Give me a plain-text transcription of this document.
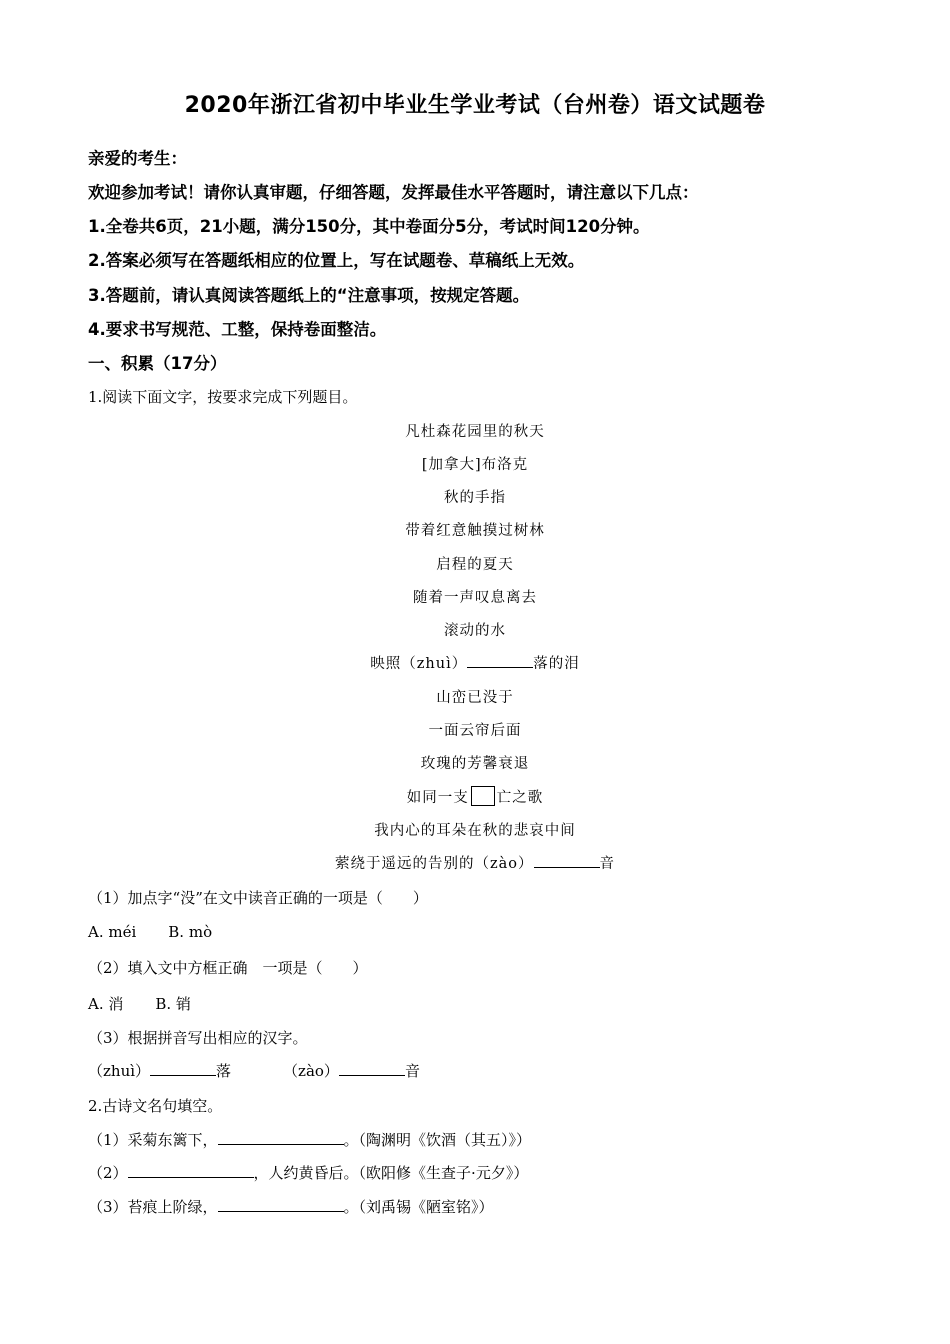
2020年浙江省初中毕业生学业考试（台州卷）语文试题卷
亲爱的考生：
欢迎参加考试！请你认真审题，仔细答题，发挥最佳水平答题时，请注意以下几点：
1.全卷共6页，21小题，满分150分，其中卷面分5分，考试时间120分钟。
2.答案必须写在答题纸相应的位置上，写在试题卷、草稿纸上无效。
3.答题前，请认真阅读答题纸上的“注意事项，按规定答题。
4.要求书写规范、工整，保持卷面整洁。
一、积累（17分）
1.阅读下面文字，按要求完成下列题目。
凡杜森花园里的秋天
[加拿大]布洛克
秋的手指
带着红意触摸过树林
启程的夏天
随着一声叹息离去
滚动的水
映照（zhuì）	落的泪
山峦已没于
一面云帘后面
玫瑰的芳馨衰退
如同一支 亡之歌
我内心的耳朵在秋的悲哀中间
萦绕于遥远的告别的（zào）	音
（1）加点字“没”在文中读音正确的一项是（　　）
A. méi B. mò
（2）填入文中方框正确　一项是（　　）
A. 消 B. 销
（3）根据拼音写出相应的汉字。
（zhuì）	落	（zào）	音
2.古诗文名句填空。
（1）采菊东篱下，	。（陶渊明《饮酒（其五）》）
（2）	，人约黄昏后。（欧阳修《生查子·元夕》）
（3）苔痕上阶绿，	。（刘禹锡《陋室铭》）
